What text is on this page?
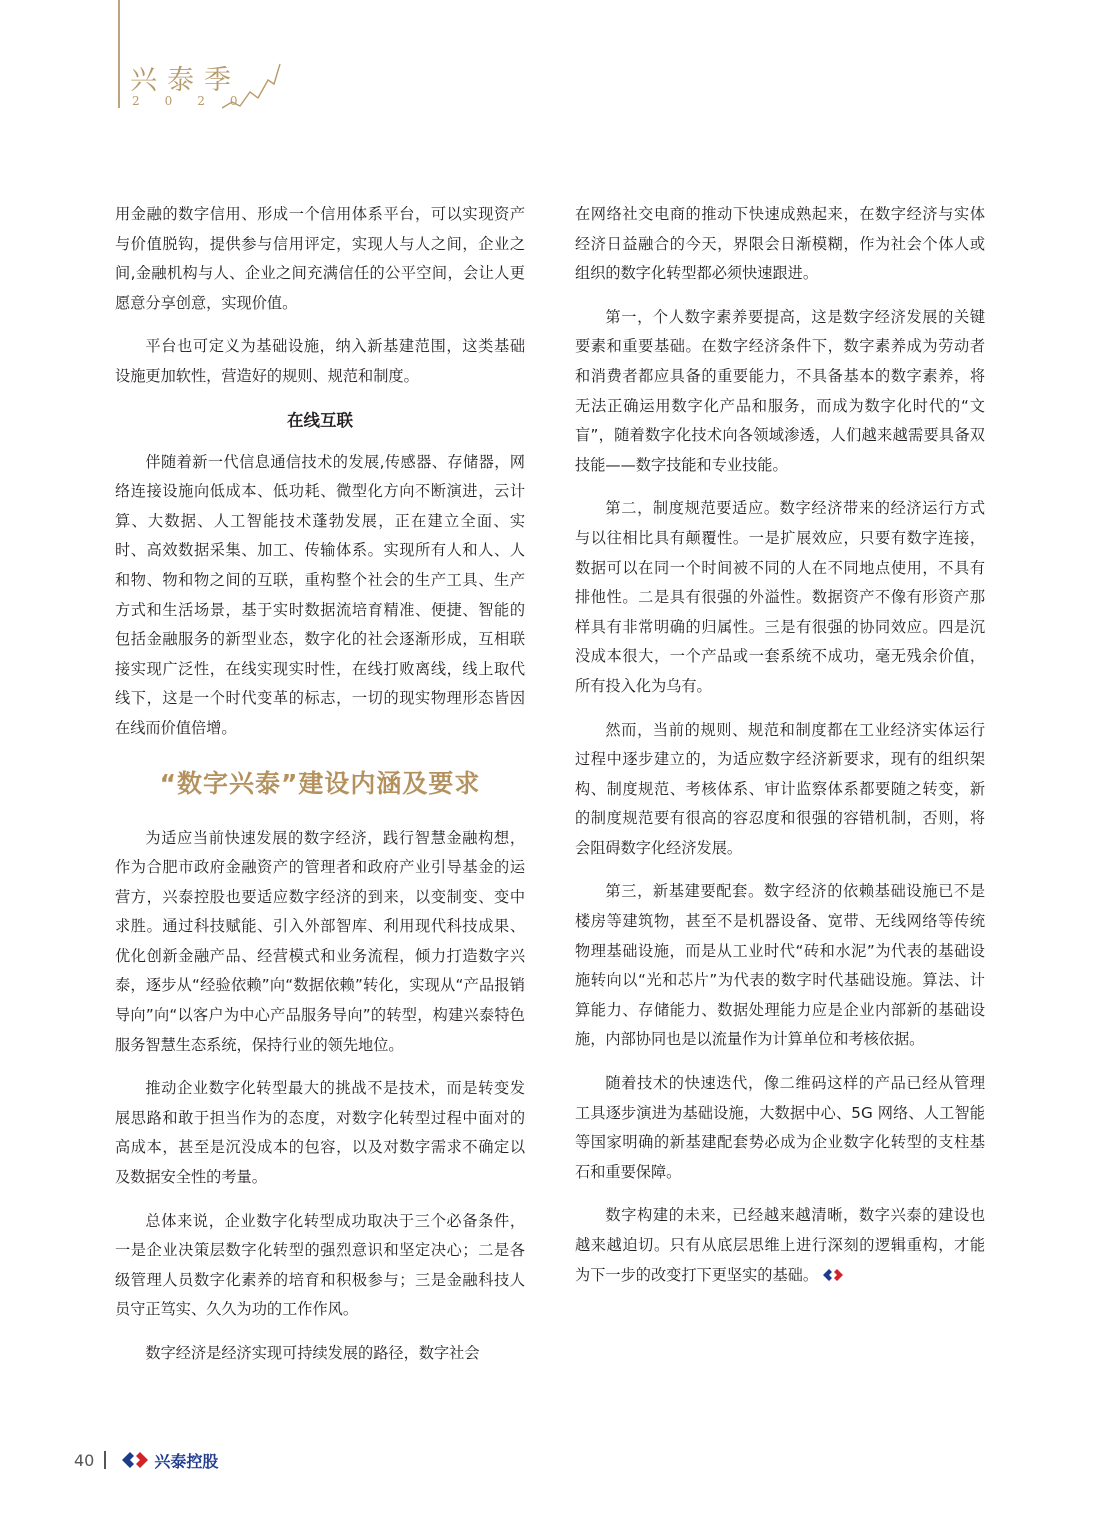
兴泰季
2020

用金融的数字信用、形成一个信用体系平台，可以实现资产与价值脱钩，提供参与信用评定，实现人与人之间，企业之间,金融机构与人、企业之间充满信任的公平空间，会让人更愿意分享创意，实现价值。

平台也可定义为基础设施，纳入新基建范围，这类基础设施更加软性，营造好的规则、规范和制度。

在线互联

伴随着新一代信息通信技术的发展,传感器、存储器，网络连接设施向低成本、低功耗、微型化方向不断演进，云计算、大数据、人工智能技术蓬勃发展，正在建立全面、实时、高效数据采集、加工、传输体系。实现所有人和人、人和物、物和物之间的互联，重构整个社会的生产工具、生产方式和生活场景，基于实时数据流培育精准、便捷、智能的包括金融服务的新型业态，数字化的社会逐渐形成，互相联接实现广泛性，在线实现实时性，在线打败离线，线上取代线下，这是一个时代变革的标志，一切的现实物理形态皆因在线而价值倍增。

“数字兴泰”建设内涵及要求

为适应当前快速发展的数字经济，践行智慧金融构想，作为合肥市政府金融资产的管理者和政府产业引导基金的运营方，兴泰控股也要适应数字经济的到来，以变制变、变中求胜。通过科技赋能、引入外部智库、利用现代科技成果、优化创新金融产品、经营模式和业务流程，倾力打造数字兴泰，逐步从“经验依赖”向“数据依赖”转化，实现从“产品报销导向”向“以客户为中心产品服务导向”的转型，构建兴泰特色服务智慧生态系统，保持行业的领先地位。

推动企业数字化转型最大的挑战不是技术，而是转变发展思路和敢于担当作为的态度，对数字化转型过程中面对的高成本，甚至是沉没成本的包容，以及对数字需求不确定以及数据安全性的考量。

总体来说，企业数字化转型成功取决于三个必备条件，一是企业决策层数字化转型的强烈意识和坚定决心；二是各级管理人员数字化素养的培育和积极参与；三是金融科技人员守正笃实、久久为功的工作作风。

数字经济是经济实现可持续发展的路径，数字社会

在网络社交电商的推动下快速成熟起来，在数字经济与实体经济日益融合的今天，界限会日渐模糊，作为社会个体人或组织的数字化转型都必须快速跟进。

第一，个人数字素养要提高，这是数字经济发展的关键要素和重要基础。在数字经济条件下，数字素养成为劳动者和消费者都应具备的重要能力，不具备基本的数字素养，将无法正确运用数字化产品和服务，而成为数字化时代的“文盲”，随着数字化技术向各领域渗透，人们越来越需要具备双技能——数字技能和专业技能。

第二，制度规范要适应。数字经济带来的经济运行方式与以往相比具有颠覆性。一是扩展效应，只要有数字连接，数据可以在同一个时间被不同的人在不同地点使用，不具有排他性。二是具有很强的外溢性。数据资产不像有形资产那样具有非常明确的归属性。三是有很强的协同效应。四是沉没成本很大，一个产品或一套系统不成功，毫无残余价值，所有投入化为乌有。

然而，当前的规则、规范和制度都在工业经济实体运行过程中逐步建立的，为适应数字经济新要求，现有的组织架构、制度规范、考核体系、审计监察体系都要随之转变，新的制度规范要有很高的容忍度和很强的容错机制，否则，将会阻碍数字化经济发展。

第三，新基建要配套。数字经济的依赖基础设施已不是楼房等建筑物，甚至不是机器设备、宽带、无线网络等传统物理基础设施，而是从工业时代“砖和水泥”为代表的基础设施转向以“光和芯片”为代表的数字时代基础设施。算法、计算能力、存储能力、数据处理能力应是企业内部新的基础设施，内部协同也是以流量作为计算单位和考核依据。

随着技术的快速迭代，像二维码这样的产品已经从管理工具逐步演进为基础设施，大数据中心、5G 网络、人工智能等国家明确的新基建配套势必成为企业数字化转型的支柱基石和重要保障。

数字构建的未来，已经越来越清晰，数字兴泰的建设也越来越迫切。只有从底层思维上进行深刻的逻辑重构，才能为下一步的改变打下更坚实的基础。

40	兴泰控股
